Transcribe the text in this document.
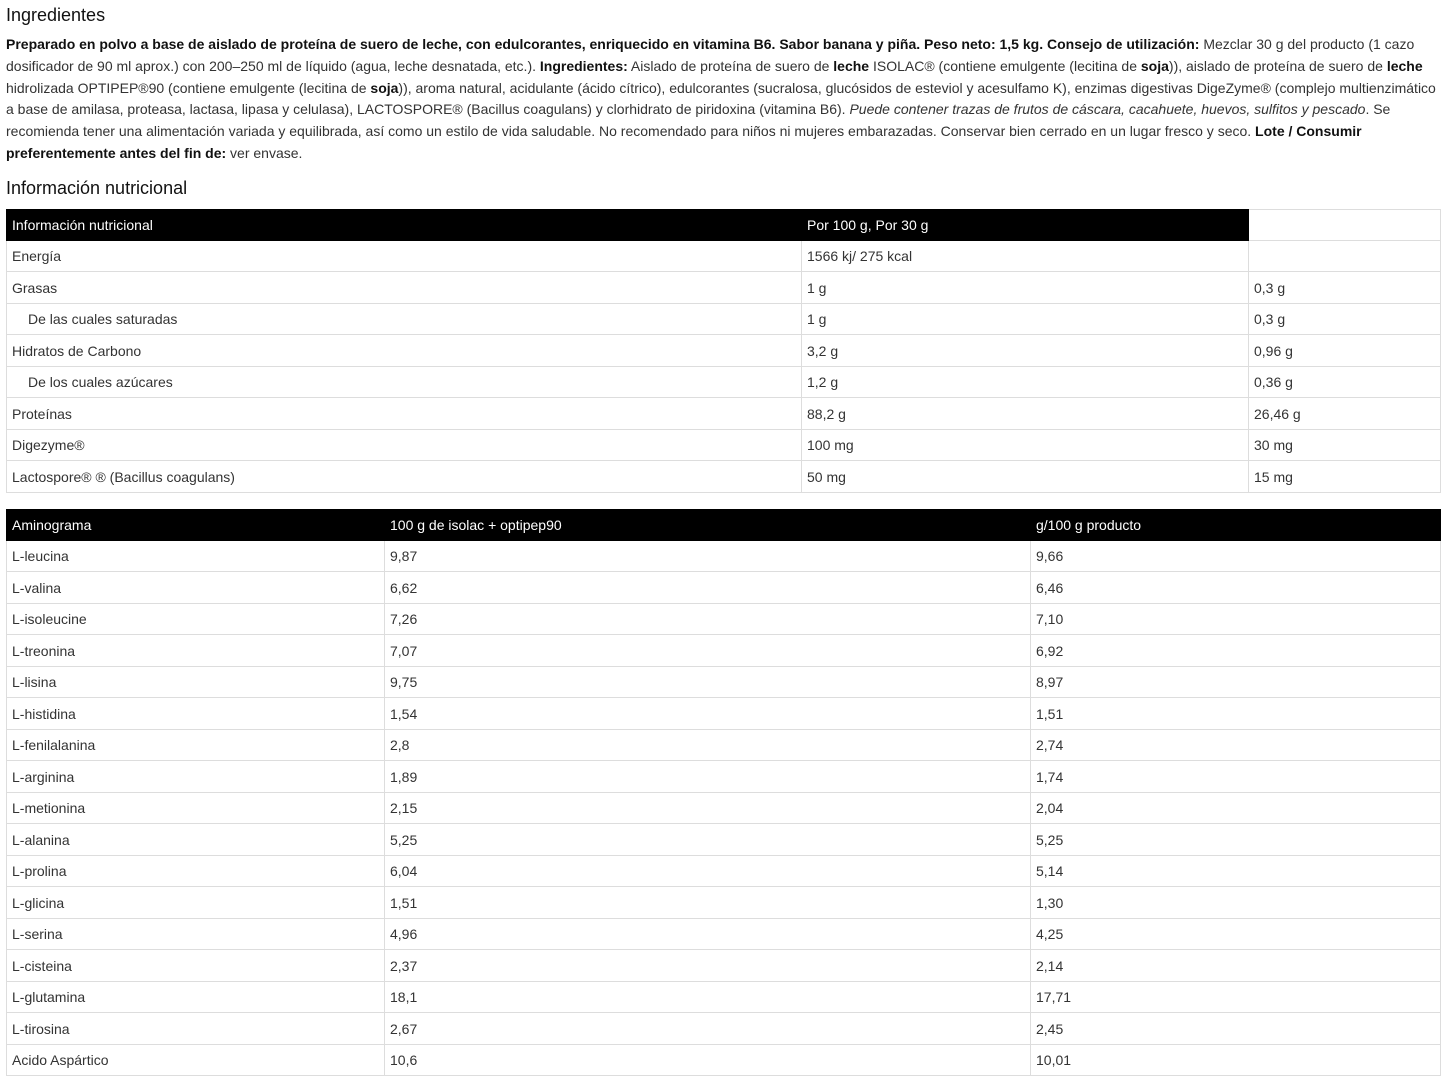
Ingredientes

Preparado en polvo a base de aislado de proteína de suero de leche, con edulcorantes, enriquecido en vitamina B6. Sabor banana y piña. Peso neto: 1,5 kg. Consejo de utilización: Mezclar 30 g del producto (1 cazo dosificador de 90 ml aprox.) con 200–250 ml de líquido (agua, leche desnatada, etc.). Ingredientes: Aislado de proteína de suero de leche ISOLAC® (contiene emulgente (lecitina de soja)), aislado de proteína de suero de leche hidrolizada OPTIPEP®90 (contiene emulgente (lecitina de soja)), aroma natural, acidulante (ácido cítrico), edulcorantes (sucralosa, glucósidos de esteviol y acesulfamo K), enzimas digestivas DigeZyme® (complejo multienzimático a base de amilasa, proteasa, lactasa, lipasa y celulasa), LACTOSPORE® (Bacillus coagulans) y clorhidrato de piridoxina (vitamina B6). Puede contener trazas de frutos de cáscara, cacahuete, huevos, sulfitos y pescado. Se recomienda tener una alimentación variada y equilibrada, así como un estilo de vida saludable. No recomendado para niños ni mujeres embarazadas. Conservar bien cerrado en un lugar fresco y seco. Lote / Consumir preferentemente antes del fin de: ver envase.

Información nutricional
Información nutricional	Por 100 g, Por 30 g	
Energía	1566 kj/ 275 kcal	
Grasas	1 g	0,3 g
De las cuales saturadas	1 g	0,3 g
Hidratos de Carbono	3,2 g	0,96 g
De los cuales azúcares	1,2 g	0,36 g
Proteínas	88,2 g	26,46 g
Digezyme®	100 mg	30 mg
Lactospore® ® (Bacillus coagulans)	50 mg	15 mg
Aminograma	100 g de isolac + optipep90	g/100 g producto
L-leucina	9,87	9,66
L-valina	6,62	6,46
L-isoleucine	7,26	7,10
L-treonina	7,07	6,92
L-lisina	9,75	8,97
L-histidina	1,54	1,51
L-fenilalanina	2,8	2,74
L-arginina	1,89	1,74
L-metionina	2,15	2,04
L-alanina	5,25	5,25
L-prolina	6,04	5,14
L-glicina	1,51	1,30
L-serina	4,96	4,25
L-cisteina	2,37	2,14
L-glutamina	18,1	17,71
L-tirosina	2,67	2,45
Acido Aspártico	10,6	10,01
